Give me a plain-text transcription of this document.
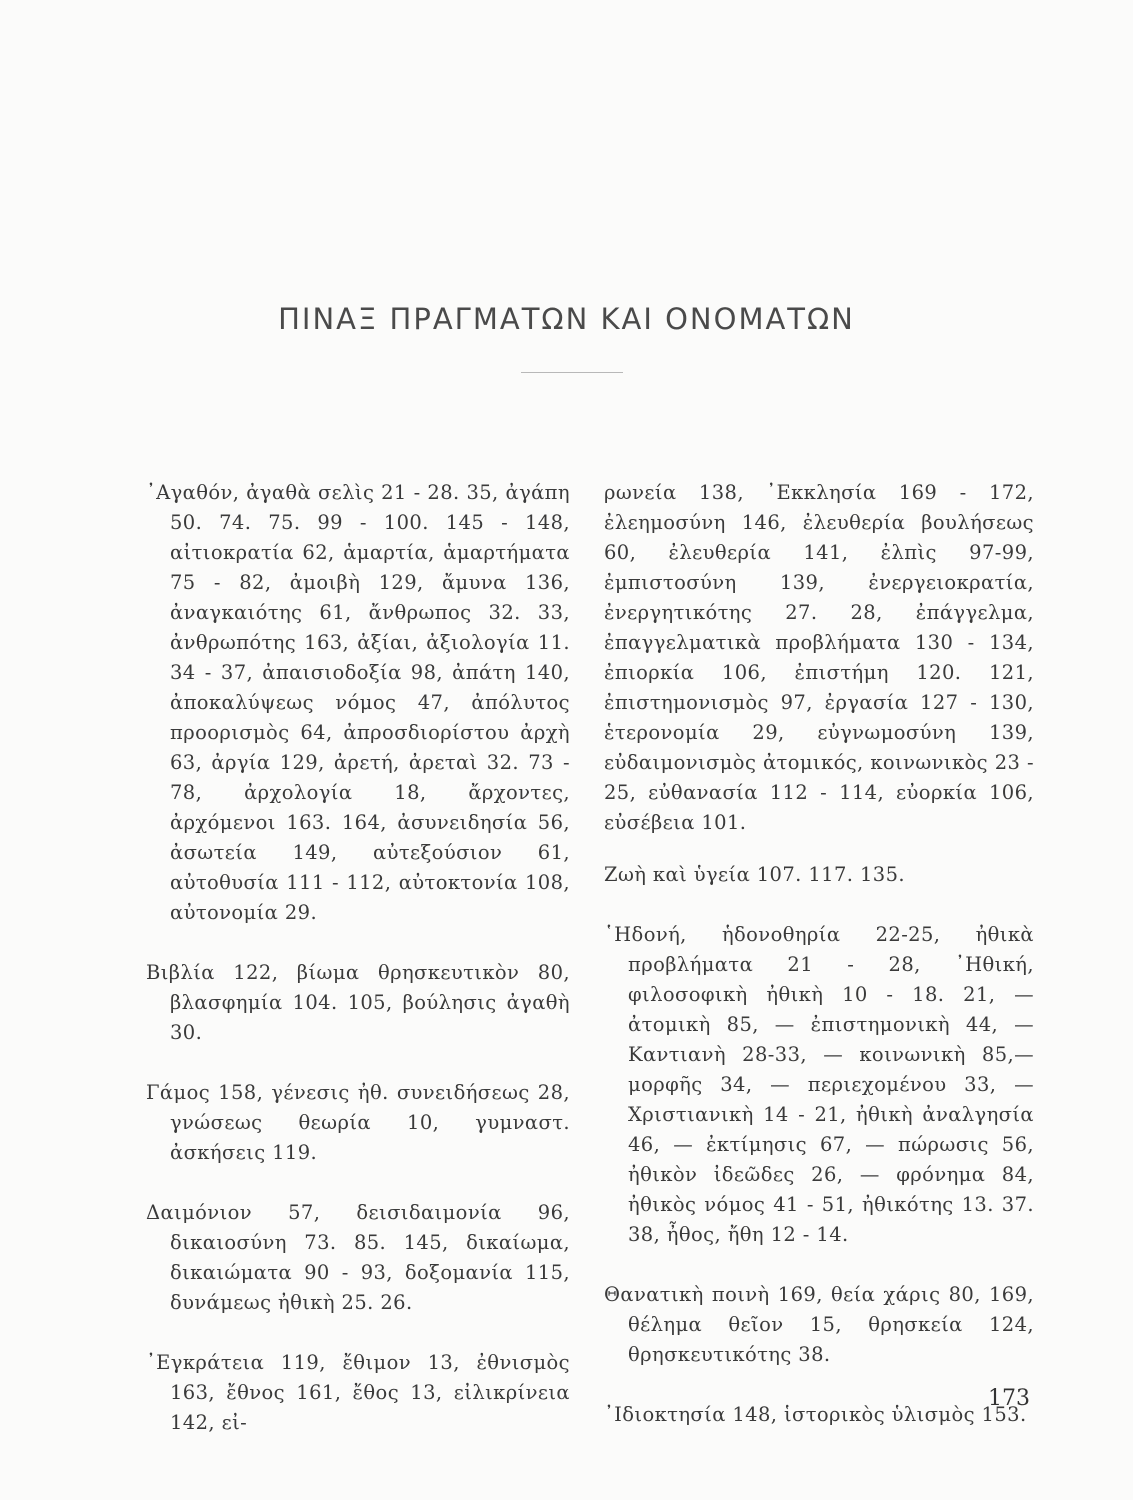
ΠΙΝΑΞ ΠΡΑΓΜΑΤΩΝ ΚΑΙ ΟΝΟΜΑΤΩΝ

᾿Αγαθόν, ἀγαθὰ σελὶς 21 - 28. 35, ἀγάπη 50. 74. 75. 99 - 100. 145 - 148, αἰτιοκρατία 62, ἁμαρτία, ἁμαρτήματα 75 - 82, ἀμοιβὴ 129, ἄμυνα 136, ἀναγκαιότης 61, ἄνθρωπος 32. 33, ἀνθρωπότης 163, ἀξίαι, ἀξιολογία 11. 34 - 37, ἀπαισιοδοξία 98, ἀπάτη 140, ἀποκαλύψεως νόμος 47, ἀπόλυτος προορισμὸς 64, ἀπροσδιορίστου ἀρχὴ 63, ἀργία 129, ἀρετή, ἀρεταὶ 32. 73 - 78, ἀρχολογία 18, ἄρχοντες, ἀρχόμενοι 163. 164, ἀσυνειδησία 56, ἀσωτεία 149, αὐτεξούσιον 61, αὐτοθυσία 111 - 112, αὐτοκτονία 108, αὐτονομία 29.

Βιβλία 122, βίωμα θρησκευτικὸν 80, βλασφημία 104. 105, βούλησις ἀγαθὴ 30.

Γάμος 158, γένεσις ἠθ. συνειδήσεως 28, γνώσεως θεωρία 10, γυμναστ. ἀσκήσεις 119.

Δαιμόνιον 57, δεισιδαιμονία 96, δικαιοσύνη 73. 85. 145, δικαίωμα, δικαιώματα 90 - 93, δοξομανία 115, δυνάμεως ἠθικὴ 25. 26.

᾿Εγκράτεια 119, ἔθιμον 13, ἐθνισμὸς 163, ἔθνος 161, ἔθος 13, εἰλικρίνεια 142, εἰ-

ρωνεία 138, ᾿Εκκλησία 169 - 172, ἐλεημοσύνη 146, ἐλευθερία βουλήσεως 60, ἐλευθερία 141, ἐλπὶς 97-99, ἐμπιστοσύνη 139, ἐνεργειοκρατία, ἐνεργητικότης 27. 28, ἐπάγγελμα, ἐπαγγελματικὰ προβλήματα 130 - 134, ἐπιορκία 106, ἐπιστήμη 120. 121, ἐπιστημονισμὸς 97, ἐργασία 127 - 130, ἑτερονομία 29, εὐγνωμοσύνη 139, εὐδαιμονισμὸς ἀτομικός, κοινωνικὸς 23 - 25, εὐθανασία 112 - 114, εὐορκία 106, εὐσέβεια 101.

Ζωὴ καὶ ὑγεία 107. 117. 135.

῾Ηδονή, ἡδονοθηρία 22-25, ἠθικὰ προβλήματα 21 - 28, ᾿Ηθική, φιλοσοφικὴ ἠθικὴ 10 - 18. 21, — ἀτομικὴ 85, — ἐπιστημονικὴ 44, — Καντιανὴ 28-33, — κοινωνικὴ 85,— μορφῆς 34, — περιεχομένου 33, — Χριστιανικὴ 14 - 21, ἠθικὴ ἀναλγησία 46, — ἐκτίμησις 67, — πώρωσις 56, ἠθικὸν ἰδεῶδες 26, — φρόνημα 84, ἠθικὸς νόμος 41 - 51, ἠθικότης 13. 37. 38, ἦθος, ἤθη 12 - 14.

Θανατικὴ ποινὴ 169, θεία χάρις 80, 169, θέλημα θεῖον 15, θρησκεία 124, θρησκευτικότης 38.

᾿Ιδιοκτησία 148, ἱστορικὸς ὑλισμὸς 153.

173
